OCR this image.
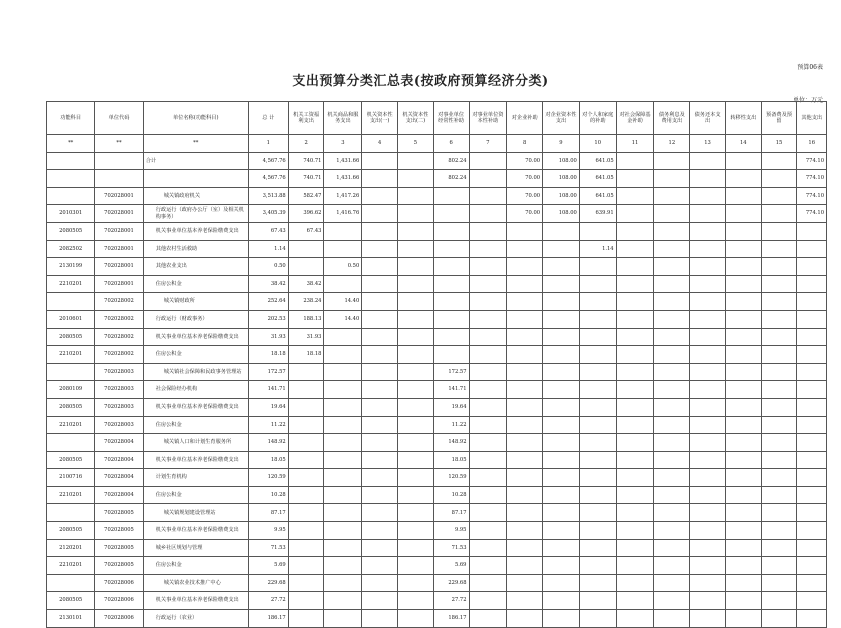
预算06表
支出预算分类汇总表(按政府预算经济分类)
单位：万元
功能科目	单位代码	单位名称(功能科目)	总 计	机关工资福利支出	机关商品和服务支出	机关资本性支出(一)	机关资本性支出(二)	对事业单位经常性补助	对事业单位资本性补助	对企业补助	对企业资本性支出	对个人和家庭的补助	对社会保障基金补助	债务利息及费用支出	债务还本支出	转移性支出	预备费及预留	其他支出
**	**	**	1	2	3	4	5	6	7	8	9	10	11	12	13	14	15	16
		合计	4,567.76	740.71	1,431.66			802.24		70.00	108.00	641.05						774.10
			4,567.76	740.71	1,431.66			802.24		70.00	108.00	641.05						774.10
	702028001	城关镇政府机关	3,513.88	582.47	1,417.26					70.00	108.00	641.05						774.10
2010301	702028001	行政运行（政府办公厅（室）及相关机构事务）	3,405.39	396.62	1,416.76					70.00	108.00	639.91						774.10
2080505	702028001	机关事业单位基本养老保险缴费支出	67.43	67.43														
2082502	702028001	其他农村生活救助	1.14									1.14						
2130199	702028001	其他农业支出	0.50		0.50													
2210201	702028001	住房公积金	38.42	38.42														
	702028002	城关镇财政所	252.64	238.24	14.40													
2010601	702028002	行政运行（财政事务）	202.53	188.13	14.40													
2080505	702028002	机关事业单位基本养老保险缴费支出	31.93	31.93														
2210201	702028002	住房公积金	18.18	18.18														
	702028003	城关镇社会保障和民政事务管理站	172.57					172.57										
2080109	702028003	社会保险经办机构	141.71					141.71										
2080505	702028003	机关事业单位基本养老保险缴费支出	19.64					19.64										
2210201	702028003	住房公积金	11.22					11.22										
	702028004	城关镇人口和计划生育服务所	148.92					148.92										
2080505	702028004	机关事业单位基本养老保险缴费支出	18.05					18.05										
2100716	702028004	计划生育机构	120.59					120.59										
2210201	702028004	住房公积金	10.28					10.28										
	702028005	城关镇规划建设管理站	87.17					87.17										
2080505	702028005	机关事业单位基本养老保险缴费支出	9.95					9.95										
2120201	702028005	城乡社区规划与管理	71.53					71.53										
2210201	702028005	住房公积金	5.69					5.69										
	702028006	城关镇农业技术推广中心	229.68					229.68										
2080505	702028006	机关事业单位基本养老保险缴费支出	27.72					27.72										
2130101	702028006	行政运行（农业）	186.17					186.17										
